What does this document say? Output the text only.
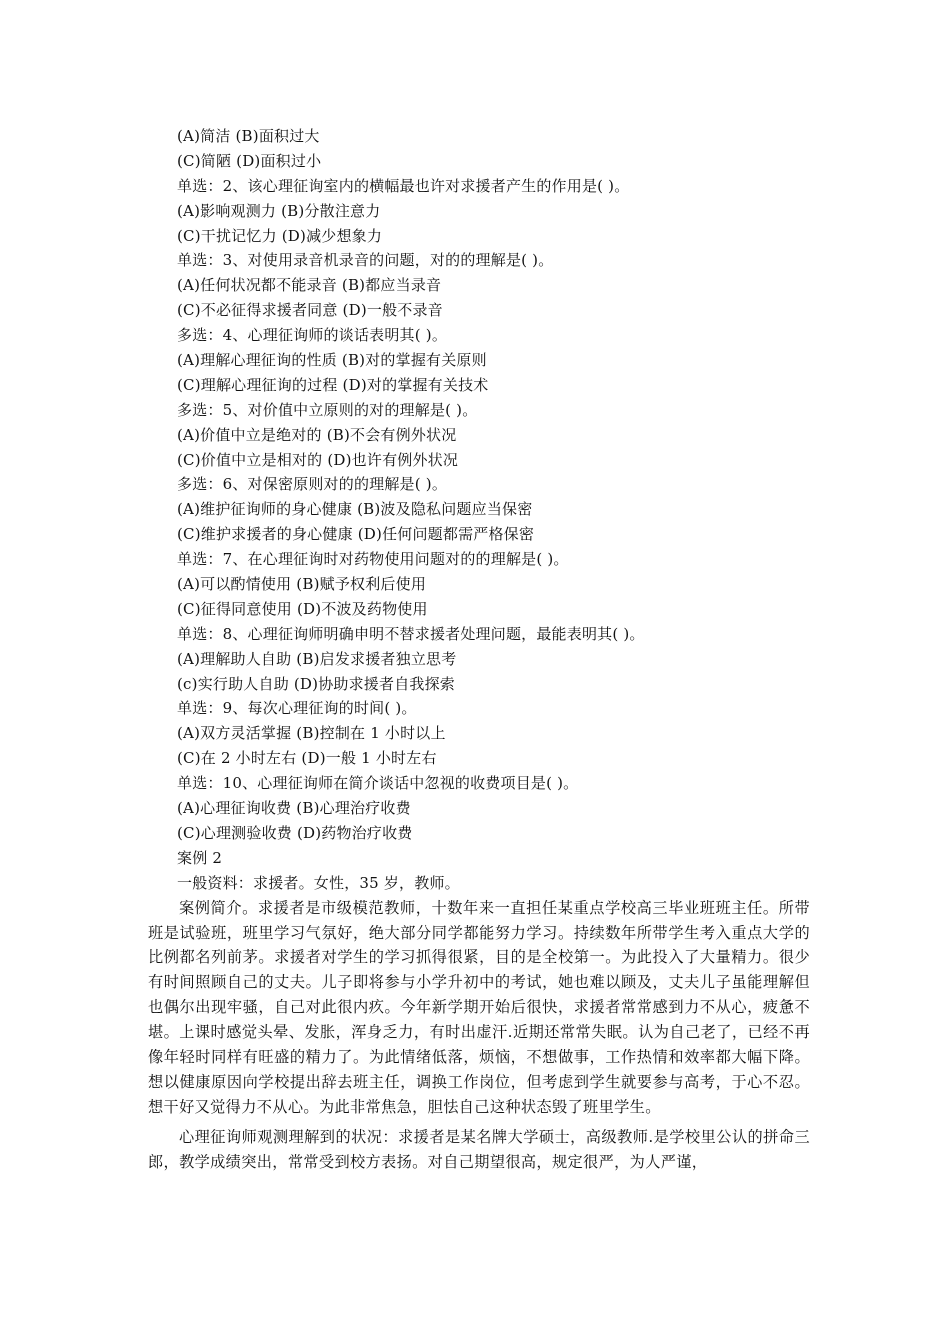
(A)简洁 (B)面积过大
(C)简陋 (D)面积过小
单选：2、该心理征询室内的横幅最也许对求援者产生的作用是( )。
(A)影响观测力 (B)分散注意力
(C)干扰记忆力 (D)减少想象力
单选：3、对使用录音机录音的问题，对的的理解是( )。
(A)任何状况都不能录音 (B)都应当录音
(C)不必征得求援者同意 (D)一般不录音
多选：4、心理征询师的谈话表明其( )。
(A)理解心理征询的性质 (B)对的掌握有关原则
(C)理解心理征询的过程 (D)对的掌握有关技术
多选：5、对价值中立原则的对的理解是( )。
(A)价值中立是绝对的 (B)不会有例外状况
(C)价值中立是相对的 (D)也许有例外状况
多选：6、对保密原则对的的理解是( )。
(A)维护征询师的身心健康 (B)波及隐私问题应当保密
(C)维护求援者的身心健康 (D)任何问题都需严格保密
单选：7、在心理征询时对药物使用问题对的的理解是( )。
(A)可以酌情使用 (B)赋予权利后使用
(C)征得同意使用 (D)不波及药物使用
单选：8、心理征询师明确申明不替求援者处理问题，最能表明其( )。
(A)理解助人自助 (B)启发求援者独立思考
(c)实行助人自助 (D)协助求援者自我探索
单选：9、每次心理征询的时间( )。
(A)双方灵活掌握 (B)控制在 1 小时以上
(C)在 2 小时左右 (D)一般 1 小时左右
单选：10、心理征询师在简介谈话中忽视的收费项目是( )。
(A)心理征询收费 (B)心理治疗收费
(C)心理测验收费 (D)药物治疗收费
案例 2
一般资料：求援者。女性，35 岁，教师。

案例简介。求援者是市级模范教师，十数年来一直担任某重点学校高三毕业班班主任。所带班是试验班，班里学习气氛好，绝大部分同学都能努力学习。持续数年所带学生考入重点大学的比例都名列前茅。求援者对学生的学习抓得很紧，目的是全校第一。为此投入了大量精力。很少有时间照顾自己的丈夫。儿子即将参与小学升初中的考试，她也难以顾及，丈夫儿子虽能理解但也偶尔出现牢骚，自己对此很内疚。今年新学期开始后很快，求援者常常感到力不从心，疲惫不堪。上课时感觉头晕、发胀，浑身乏力，有时出虚汗.近期还常常失眠。认为自己老了，已经不再像年轻时同样有旺盛的精力了。为此情绪低落，烦恼，不想做事，工作热情和效率都大幅下降。想以健康原因向学校提出辞去班主任，调换工作岗位，但考虑到学生就要参与高考，于心不忍。想干好又觉得力不从心。为此非常焦急，胆怯自己这种状态毁了班里学生。

心理征询师观测理解到的状况：求援者是某名牌大学硕士，高级教师.是学校里公认的拼命三郎，教学成绩突出，常常受到校方表扬。对自己期望很高，规定很严，为人严谨，
